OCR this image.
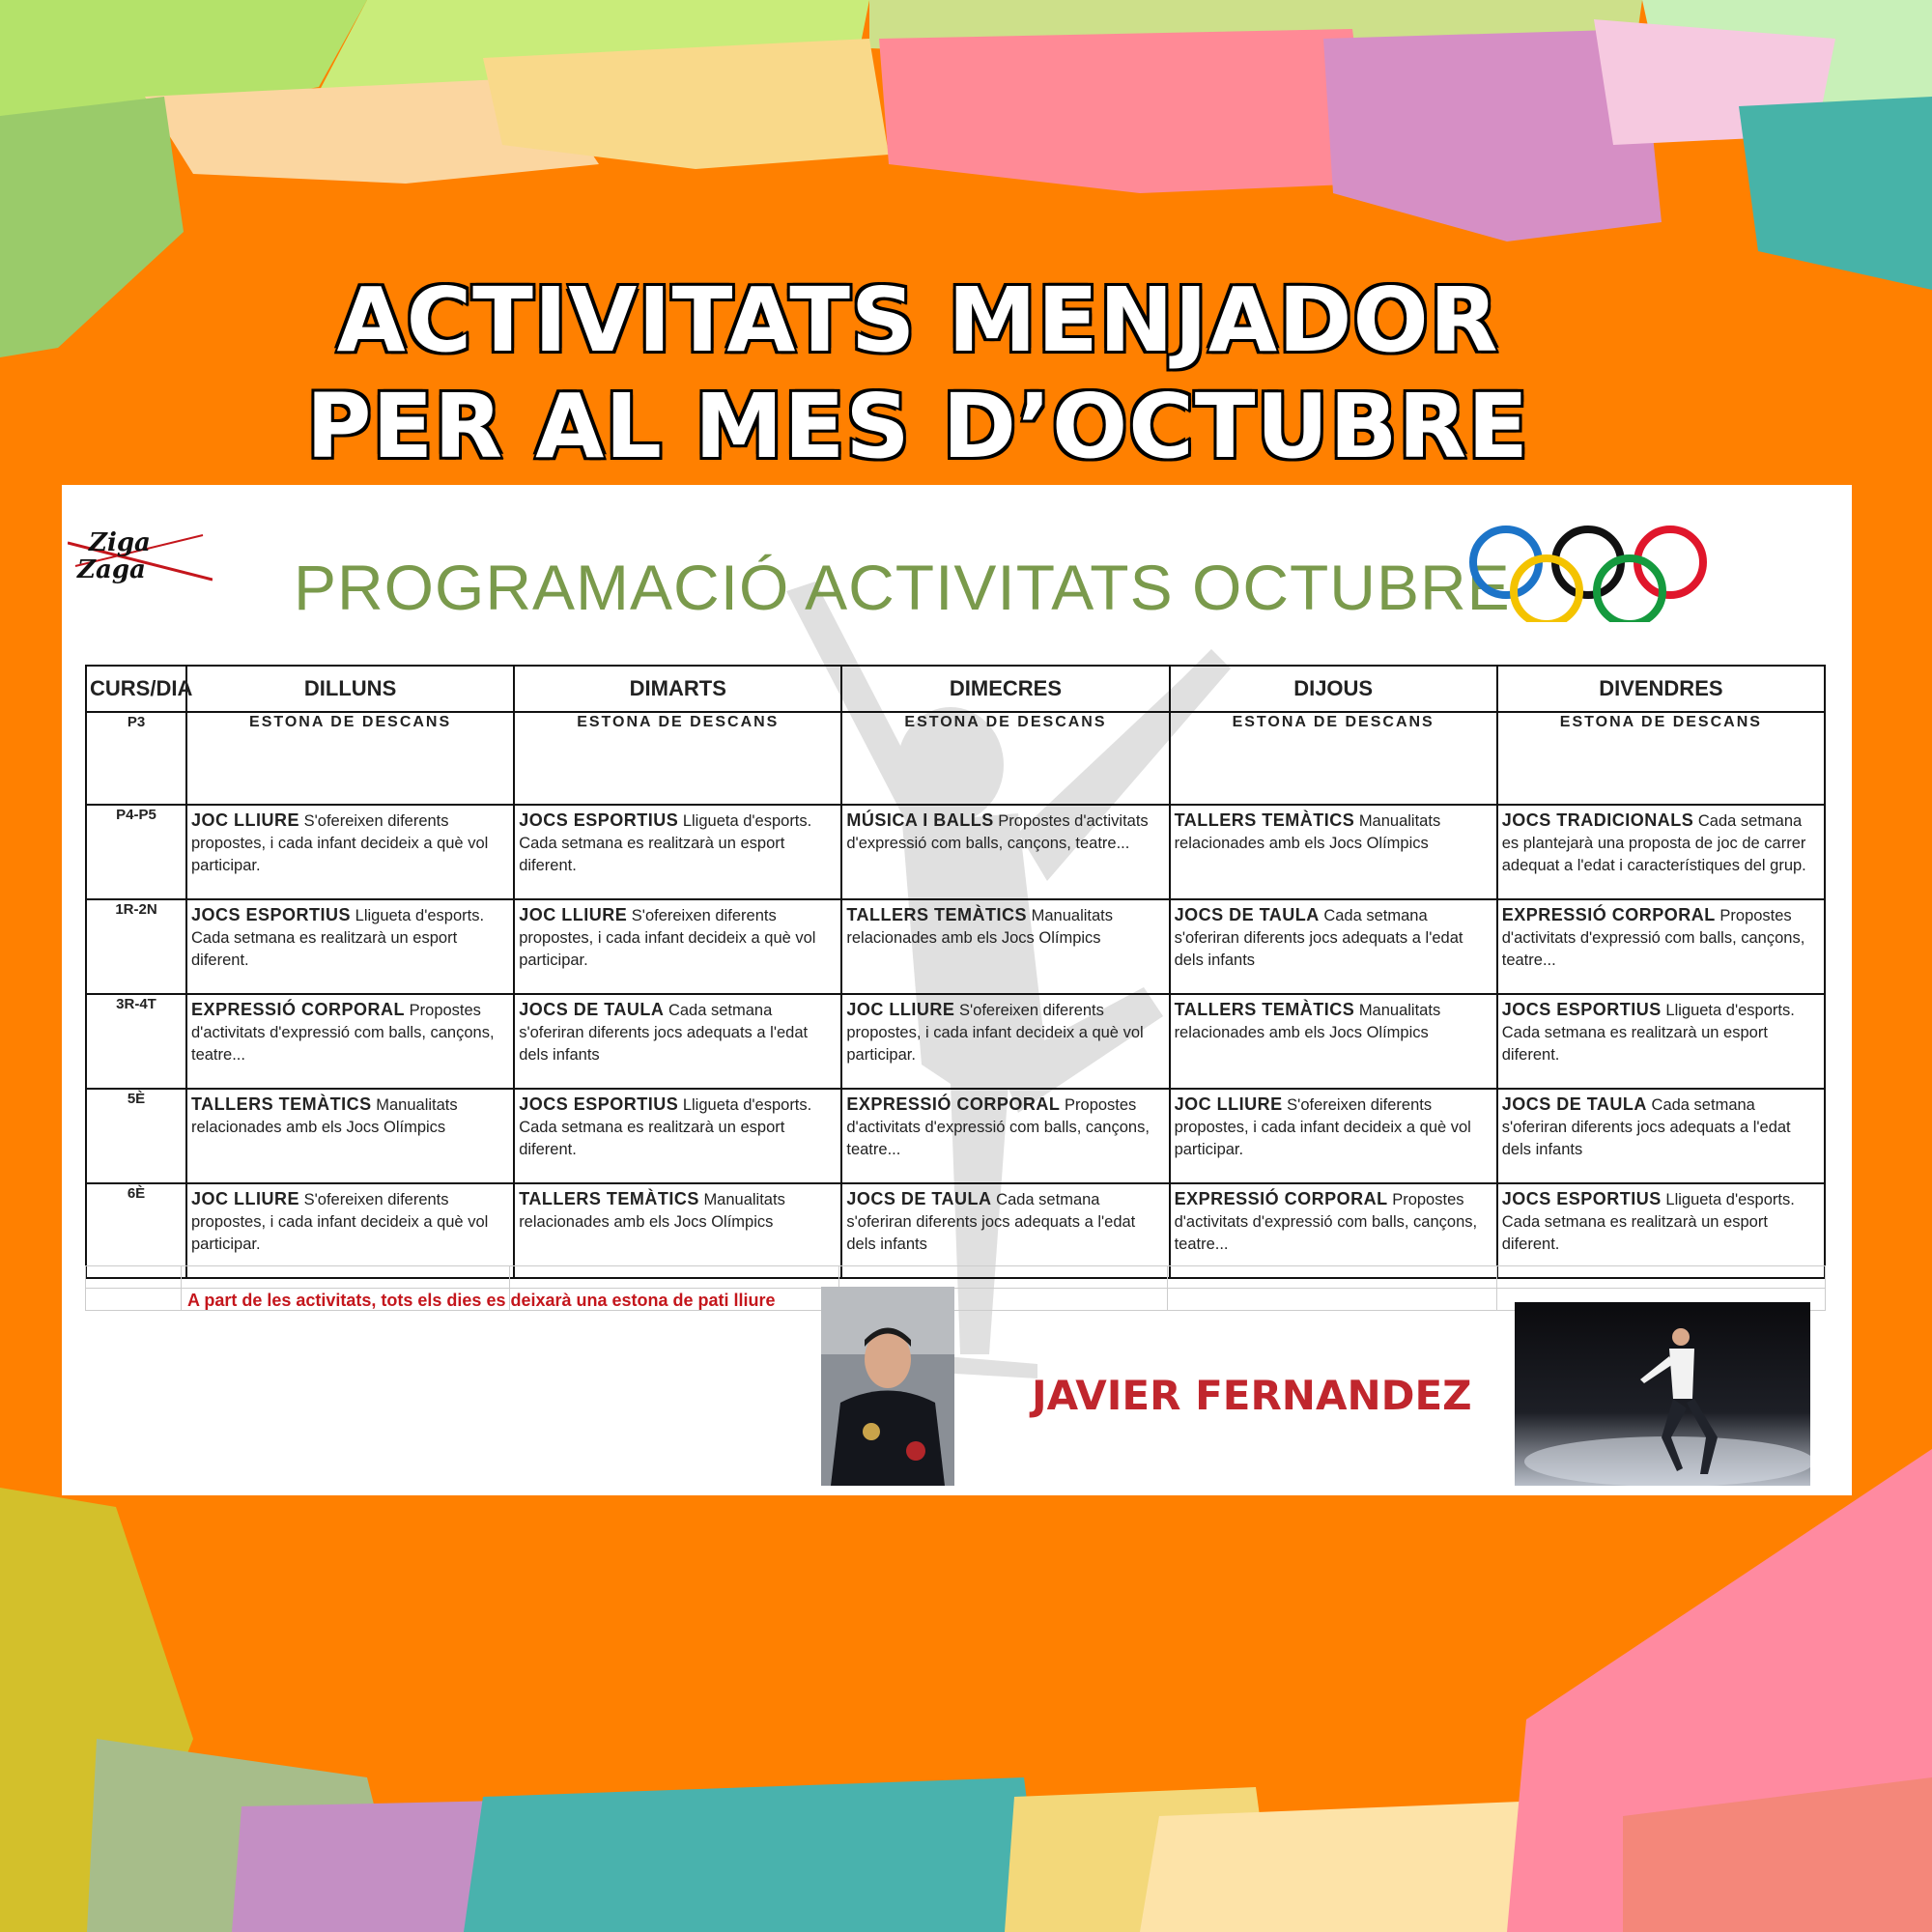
ACTIVITATS MENJADOR
PER AL MES D’OCTUBRE
Ziga
Zaga PROGRAMACIÓ ACTIVITATS OCTUBRE
CURS/DIA	DILLUNS	DIMARTS	DIMECRES	DIJOUS	DIVENDRES
P3	ESTONA DE DESCANS	ESTONA DE DESCANS	ESTONA DE DESCANS	ESTONA DE DESCANS	ESTONA DE DESCANS
P4-P5	JOC LLIURE S'ofereixen diferents propostes, i cada infant decideix a què vol participar.	JOCS ESPORTIUS Lligueta d'esports. Cada setmana es realitzarà un esport diferent.	MÚSICA I BALLS Propostes d'activitats d'expressió com balls, cançons, teatre...	TALLERS TEMÀTICS Manualitats relacionades amb els Jocs Olímpics	JOCS TRADICIONALS Cada setmana es plantejarà una proposta de joc de carrer adequat a l'edat i característiques del grup.
1R-2N	JOCS ESPORTIUS Lligueta d'esports. Cada setmana es realitzarà un esport diferent.	JOC LLIURE S'ofereixen diferents propostes, i cada infant decideix a què vol participar.	TALLERS TEMÀTICS Manualitats relacionades amb els Jocs Olímpics	JOCS DE TAULA Cada setmana s'oferiran diferents jocs adequats a l'edat dels infants	EXPRESSIÓ CORPORAL Propostes d'activitats d'expressió com balls, cançons, teatre...
3R-4T	EXPRESSIÓ CORPORAL Propostes d'activitats d'expressió com balls, cançons, teatre...	JOCS DE TAULA Cada setmana s'oferiran diferents jocs adequats a l'edat dels infants	JOC LLIURE S'ofereixen diferents propostes, i cada infant decideix a què vol participar.	TALLERS TEMÀTICS Manualitats relacionades amb els Jocs Olímpics	JOCS ESPORTIUS Lligueta d'esports. Cada setmana es realitzarà un esport diferent.
5È	TALLERS TEMÀTICS Manualitats relacionades amb els Jocs Olímpics	JOCS ESPORTIUS Lligueta d'esports. Cada setmana es realitzarà un esport diferent.	EXPRESSIÓ CORPORAL Propostes d'activitats d'expressió com balls, cançons, teatre...	JOC LLIURE S'ofereixen diferents propostes, i cada infant decideix a què vol participar.	JOCS DE TAULA Cada setmana s'oferiran diferents jocs adequats a l'edat dels infants
6È	JOC LLIURE S'ofereixen diferents propostes, i cada infant decideix a què vol participar.	TALLERS TEMÀTICS Manualitats relacionades amb els Jocs Olímpics	JOCS DE TAULA Cada setmana s'oferiran diferents jocs adequats a l'edat dels infants	EXPRESSIÓ CORPORAL Propostes d'activitats d'expressió com balls, cançons, teatre...	JOCS ESPORTIUS Lligueta d'esports. Cada setmana es realitzarà un esport diferent.

A part de les activitats, tots els dies es deixarà una estona de pati lliure
JAVIER FERNANDEZ
